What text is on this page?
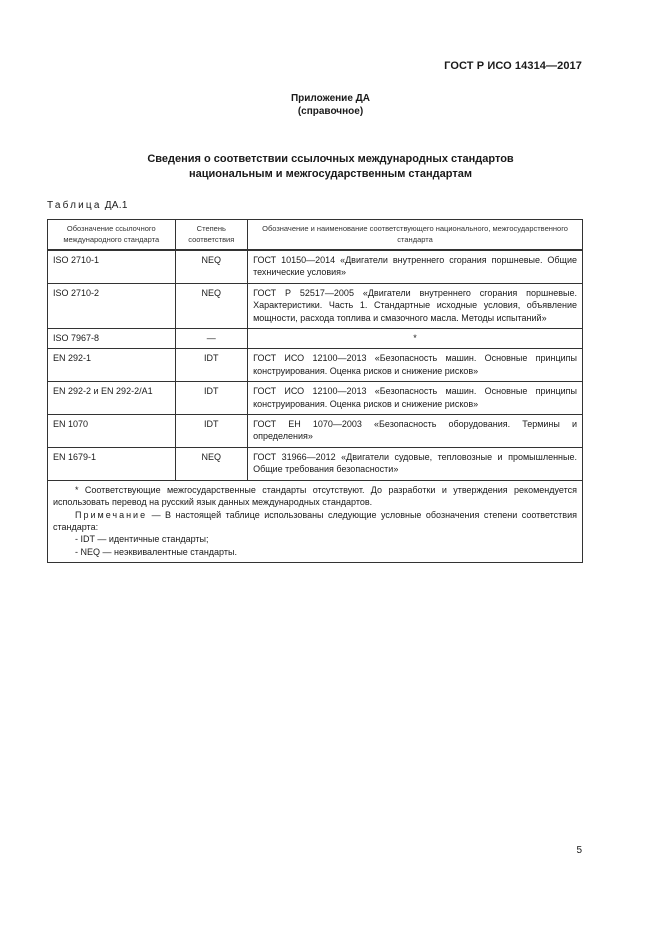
ГОСТ Р ИСО 14314—2017
Приложение ДА
(справочное)
Сведения о соответствии ссылочных международных стандартов
национальным и межгосударственным стандартам
Таблица ДА.1
Обозначение ссылочного международного стандарта	Степень соответствия	Обозначение и наименование соответствующего национального, межгосударственного стандарта
ISO 2710-1	NEQ	ГОСТ 10150—2014 «Двигатели внутреннего сгорания поршневые. Общие технические условия»
ISO 2710-2	NEQ	ГОСТ Р 52517—2005 «Двигатели внутреннего сгорания поршневые. Характеристики. Часть 1. Стандартные исходные условия, объявление мощности, расхода топлива и смазочного масла. Методы испытаний»
ISO 7967-8	—	*
EN 292-1	IDT	ГОСТ ИСО 12100—2013 «Безопасность машин. Основные принципы конструирования. Оценка рисков и снижение рисков»
EN 292-2 и EN 292-2/A1	IDT	ГОСТ ИСО 12100—2013 «Безопасность машин. Основные принципы конструирования. Оценка рисков и снижение рисков»
EN 1070	IDT	ГОСТ ЕН 1070—2003 «Безопасность оборудования. Термины и определения»
EN 1679-1	NEQ	ГОСТ 31966—2012 «Двигатели судовые, тепловозные и промышленные. Общие требования безопасности»

* Соответствующие межгосударственные стандарты отсутствуют. До разработки и утверждения рекомендуется использовать перевод на русский язык данных международных стандартов.

Примечание — В настоящей таблице использованы следующие условные обозначения степени соответствия стандарта:

- IDT — идентичные стандарты;

- NEQ — неэквивалентные стандарты.		

5
